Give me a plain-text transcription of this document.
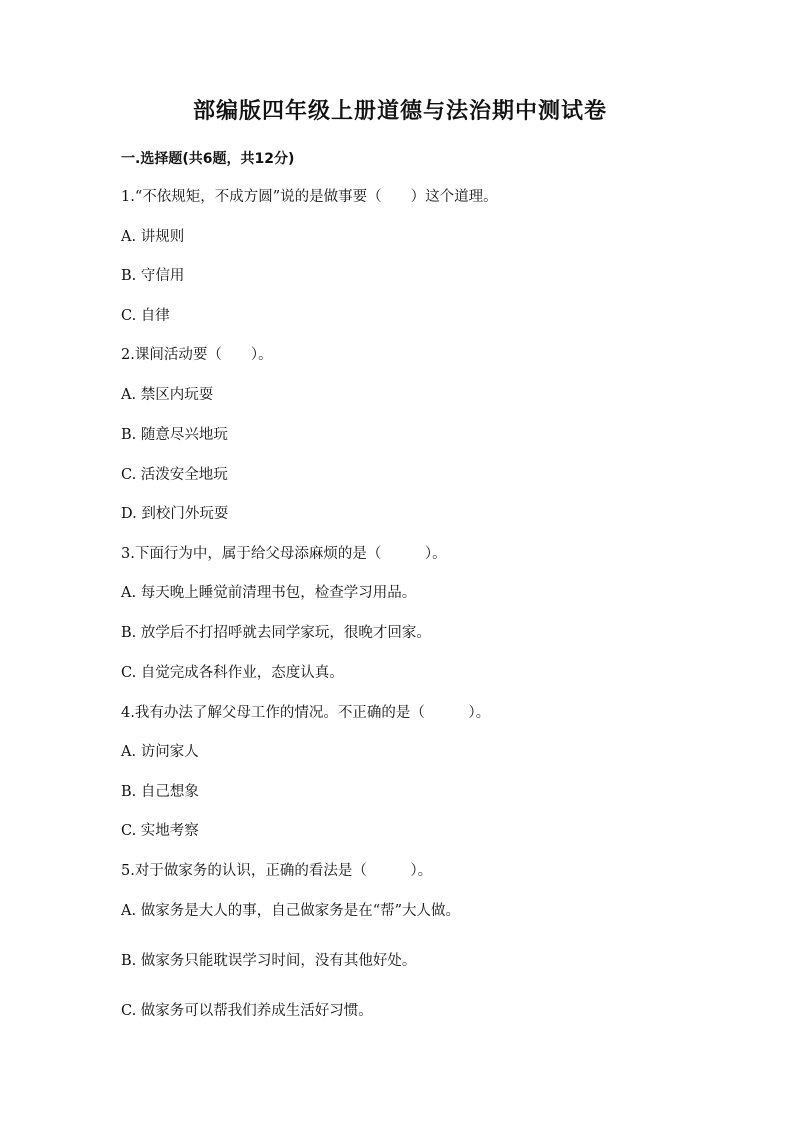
部编版四年级上册道德与法治期中测试卷
一.选择题(共6题，共12分)
1.“不依规矩，不成方圆”说的是做事要（　　）这个道理。
A. 讲规则
B. 守信用
C. 自律
2.课间活动要（　　）。
A. 禁区内玩耍
B. 随意尽兴地玩
C. 活泼安全地玩
D. 到校门外玩耍
3.下面行为中，属于给父母添麻烦的是（　　　）。
A. 每天晚上睡觉前清理书包，检查学习用品。
B. 放学后不打招呼就去同学家玩，很晚才回家。
C. 自觉完成各科作业，态度认真。
4.我有办法了解父母工作的情况。不正确的是（　　　）。
A. 访问家人
B. 自己想象
C. 实地考察
5.对于做家务的认识，正确的看法是（　　　）。
A. 做家务是大人的事，自己做家务是在“帮”大人做。
B. 做家务只能耽误学习时间，没有其他好处。
C. 做家务可以帮我们养成生活好习惯。
